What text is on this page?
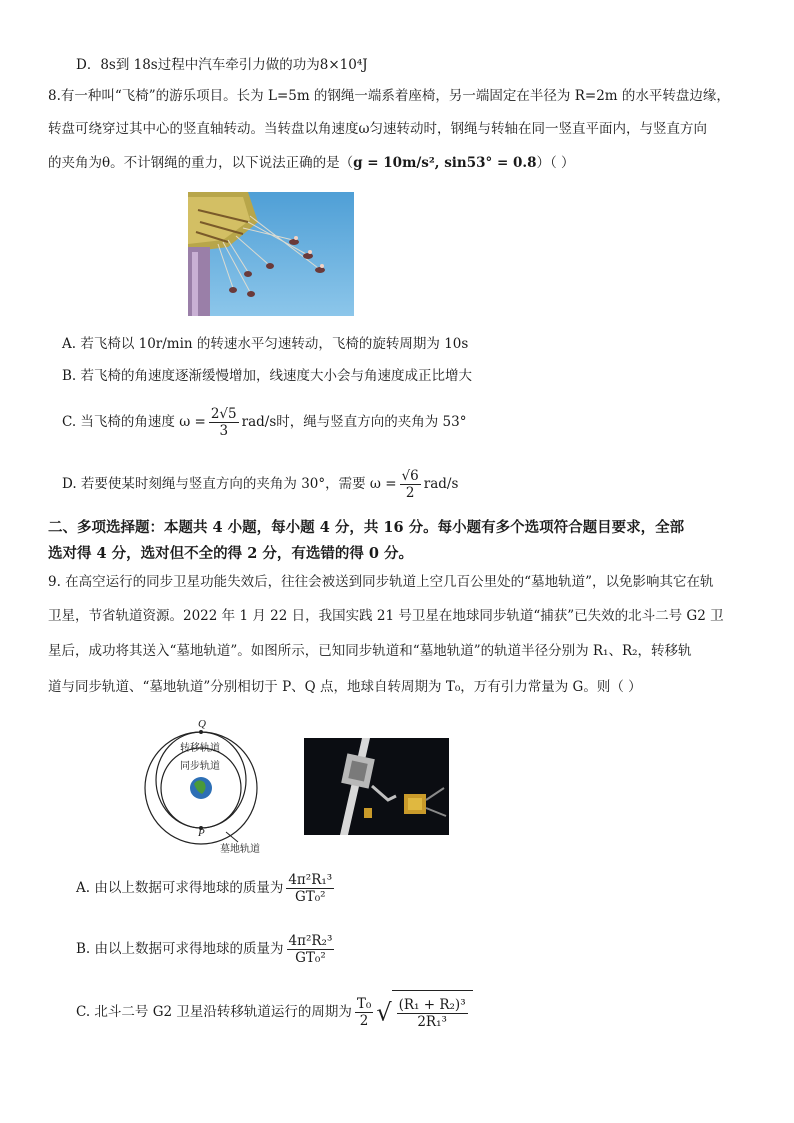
D．8s到 18s过程中汽车牵引力做的功为8×10⁴J
8.有一种叫“飞椅”的游乐项目。长为 L=5m 的钢绳一端系着座椅，另一端固定在半径为 R=2m 的水平转盘边缘，
转盘可绕穿过其中心的竖直轴转动。当转盘以角速度ω匀速转动时，钢绳与转轴在同一竖直平面内，与竖直方向
的夹角为θ。不计钢绳的重力，以下说法正确的是（g = 10m/s², sin53° = 0.8）（ ）
A. 若飞椅以 10r/min 的转速水平匀速转动，飞椅的旋转周期为 10s
B. 若飞椅的角速度逐渐缓慢增加，线速度大小会与角速度成正比增大
C. 当飞椅的角速度 $\omega = \frac{2√5}{3} rad/s$时，绳与竖直方向的夹角为 53°
D. 若要使某时刻绳与竖直方向的夹角为 30°，需要 $\omega = \frac{√6}{2} rad/s$
二、多项选择题：本题共 4 小题，每小题 4 分，共 16 分。每小题有多个选项符合题目要求，全部
选对得 4 分，选对但不全的得 2 分，有选错的得 0 分。
9. 在高空运行的同步卫星功能失效后，往往会被送到同步轨道上空几百公里处的“墓地轨道”，以免影响其它在轨
卫星，节省轨道资源。2022 年 1 月 22 日，我国实践 21 号卫星在地球同步轨道“捕获”已失效的北斗二号 G2 卫
星后，成功将其送入“墓地轨道”。如图所示，已知同步轨道和“墓地轨道”的轨道半径分别为 R₁、R₂，转移轨
道与同步轨道、“墓地轨道”分别相切于 P、Q 点，地球自转周期为 T₀，万有引力常量为 G。则（ ）
Q
P
转移轨道
同步轨道
墓地轨道
A. 由以上数据可求得地球的质量为 $\frac{\text{4π²R₁³}}{\text{GT₀²}}$
B. 由以上数据可求得地球的质量为 $\frac{\text{4π²R₂³}}{\text{GT₀²}}$
C. 北斗二号 G2 卫星沿转移轨道运行的周期为 $\frac{\text{T₀}}{2}$ √ $\frac{\text{(R₁ + R₂)³}}{\text{2R₁³}}$
